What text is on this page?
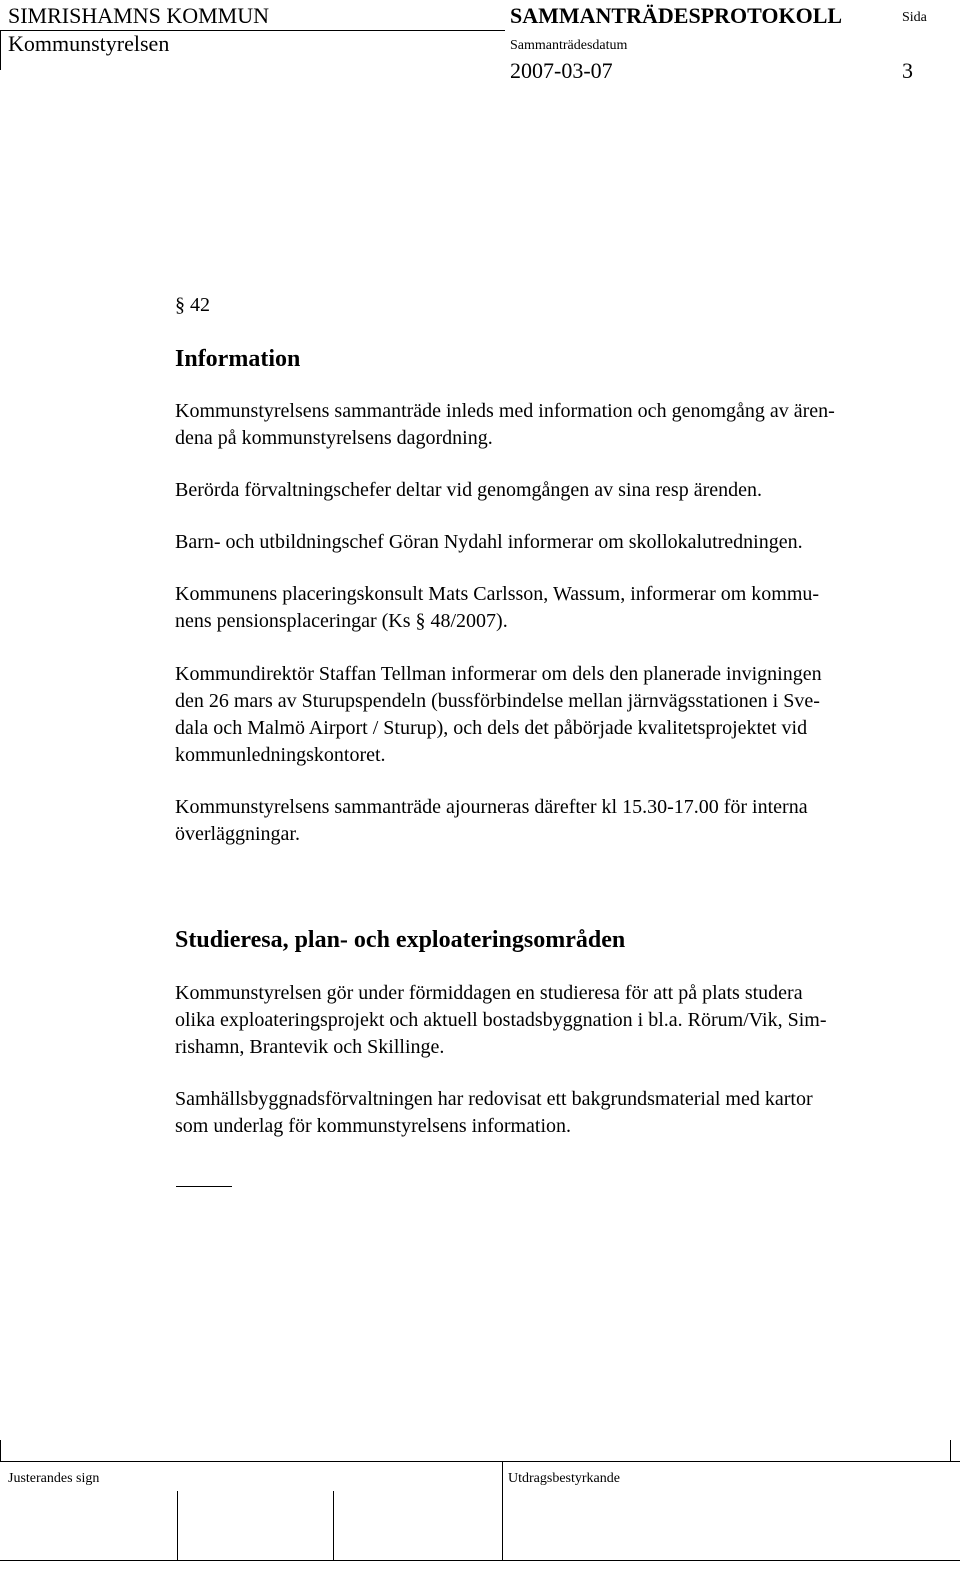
SIMRISHAMNS KOMMUN
Kommunstyrelsen
SAMMANTRÄDESPROTOKOLL
Sammanträdesdatum
2007-03-07
Sida
3

§ 42

Information

Kommunstyrelsens sammanträde inleds med information och genomgång av ären-

dena på kommunstyrelsens dagordning.

Berörda förvaltningschefer deltar vid genomgången av sina resp ärenden.

Barn- och utbildningschef Göran Nydahl informerar om skollokalutredningen.

Kommunens placeringskonsult Mats Carlsson, Wassum, informerar om kommu-

nens pensionsplaceringar (Ks § 48/2007).

Kommundirektör Staffan Tellman informerar om dels den planerade invigningen

den 26 mars av Sturupspendeln (bussförbindelse mellan järnvägsstationen i Sve-

dala och Malmö Airport / Sturup), och dels det påbörjade kvalitetsprojektet vid

kommunledningskontoret.

Kommunstyrelsens sammanträde ajourneras därefter kl 15.30-17.00 för interna

överläggningar.

Studieresa, plan- och exploateringsområden

Kommunstyrelsen gör under förmiddagen en studieresa för att på plats studera

olika exploateringsprojekt och aktuell bostadsbyggnation i bl.a. Rörum/Vik, Sim-

rishamn, Brantevik och Skillinge.

Samhällsbyggnadsförvaltningen har redovisat ett bakgrundsmaterial med kartor

som underlag för kommunstyrelsens information.

Justerandes sign	Utdragsbestyrkande
